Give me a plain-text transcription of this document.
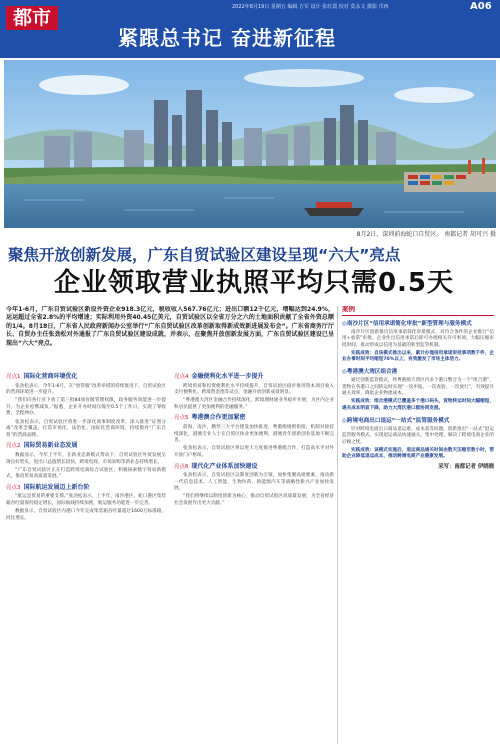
都市	2022年8月19日 星期五 编辑 方军 设计 张红霞 校对 莫永文 摄影 邝西	A06
紧跟总书记 奋进新征程
8月2日，深圳前海蛇口自贸区。 南都记者 胡可兴 摄
聚焦开放创新发展，广东自贸试验区建设呈现“六大”亮点
企业领取营业执照平均只需0.5天
今年1-6月，广东自贸试验区新设外资企业918.3亿元，税收收入567.76亿元；进出口额12千亿元，增幅达到24.9%，运运超过全省2.8%的平均增速；实际利用外资40.45亿美元，自贸试验区以全省万分之六的土地面积贡献了全省外资总额的1/4。8月18日，广东省人民政府新闻办公室举行“广东自贸试验区改革创新取得新成效新进展发布会”。广东省商务厅厅长、自贸办主任张劲松对外通报了广东自贸试验区建设成就，并表示，在聚焦开放创新发展方面，广东自贸试验区建设已呈现出“六大”亮点。
亮点1 国际化营商环境优化

张劲松表示，今年1-6月，在“放管服”改革举措的持续推进下，自贸试验区的营商环境进一步提升。

“我们向各行业下放了第三批84项省级管理权限，政务服务效能进一步提升，为企业松绑减负。”据悉，企业开办时间压缩至0.5个工作日，实现了零收费、全程网办。

张劲松表示，自贸试验区将进一步深化商事制度改革，深入推进“证照分离”改革全覆盖，打造市场化、法治化、国际化营商环境，持续擦亮“广东自贸”的营商品牌。

亮点2 国际贸易新业态发展

数据显示，今年上半年，在新业态新模式带动下，自贸试验区外贸发展呈现良好势头，进出口总值增长较快，跨境电商、市场采购等新业态持续增长。

“广东自贸试验区正在打造跨境电商综合试验区，积极探索数字贸易新模式，推动贸易高质量发展。”

亮点3 国际航运发展迈上新台阶

“航运是贸易的重要支撑。”张劲松表示，上半年，南沙港区、蛇口港区集装箱吞吐量保持稳定增长，国际航线持续加密，航运服务功能进一步完善。

数据显示，自贸试验区内港口今年完成集装箱吞吐量超过1600万标准箱，同比增长。

亮点4 金融便利化水平进一步提升

跨境贸易和投资便利化水平持续提升，自贸试验区稳步推进资本项目收入支付便利化、跨境资金池等试点，金融开放创新成效明显。

“粤港澳大湾区金融合作持续深化，跨境理财通业务稳步开展，为区内企业和居民提供了更加便利的金融服务。”

亮点5 粤港澳合作更加紧密

前海、南沙、横琴三大平台建设加快推进，粤港澳规则衔接、机制对接持续深化，港澳专业人士在自贸区执业更加便利，港澳青年创新创业基地不断完善。

张劲松表示，自贸试验区将以更大力度推进粤港澳合作，打造高水平对外开放门户枢纽。

亮点6 现代化产业体系加快建设

张劲松表示，自贸试验区以制度创新为引领，加快集聚高端要素，推动新一代信息技术、人工智能、生物医药、新能源汽车等战略性新兴产业加快发展。

“我们将继续以制度创新为核心，推动自贸试验区高质量发展，为全省经济社会发展作出更大贡献。”

案例
◎南沙片区“信用承诺简化审批”新型管理与服务模式

南沙片区创新推出信用承诺简化审批模式，对符合条件的企业推行“信用+承诺”审批，企业作出信用承诺后即可办理相关许可事项，大幅压缩审批时间，推动形成以信用为基础的新型监管机制。

实践成效：自该模式推出以来，累计办理信用承诺审批事项数千件，企业办事时间平均缩短70%以上，有效激发了市场主体活力。

◎粤港澳大湾区组合港

通过创新监管模式，将粤港澳大湾区内多个港口整合为一个“组合港”，货物在各港口之间转运时实现“一次申报、一次查验、一次放行”，有效提升通关效率，降低企业物流成本。

实践成效：组合港模式已覆盖多个港口码头，货物转运时间大幅缩短，通关成本明显下降，助力大湾区港口群协同发展。

◎跨境电商出口退运“一站式”监管服务模式

针对跨境电商出口商品退运难、成本高等问题，创新推出“一站式”退运监管服务模式，实现退运商品快速通关、集中处理，解决了跨境电商企业的后顾之忧。

实践成效：该模式实施后，退运商品通关时间由数天压缩至数小时，帮助企业降低退运成本，推动跨境电商产业健康发展。

采写：南都记者 伊晓晓
